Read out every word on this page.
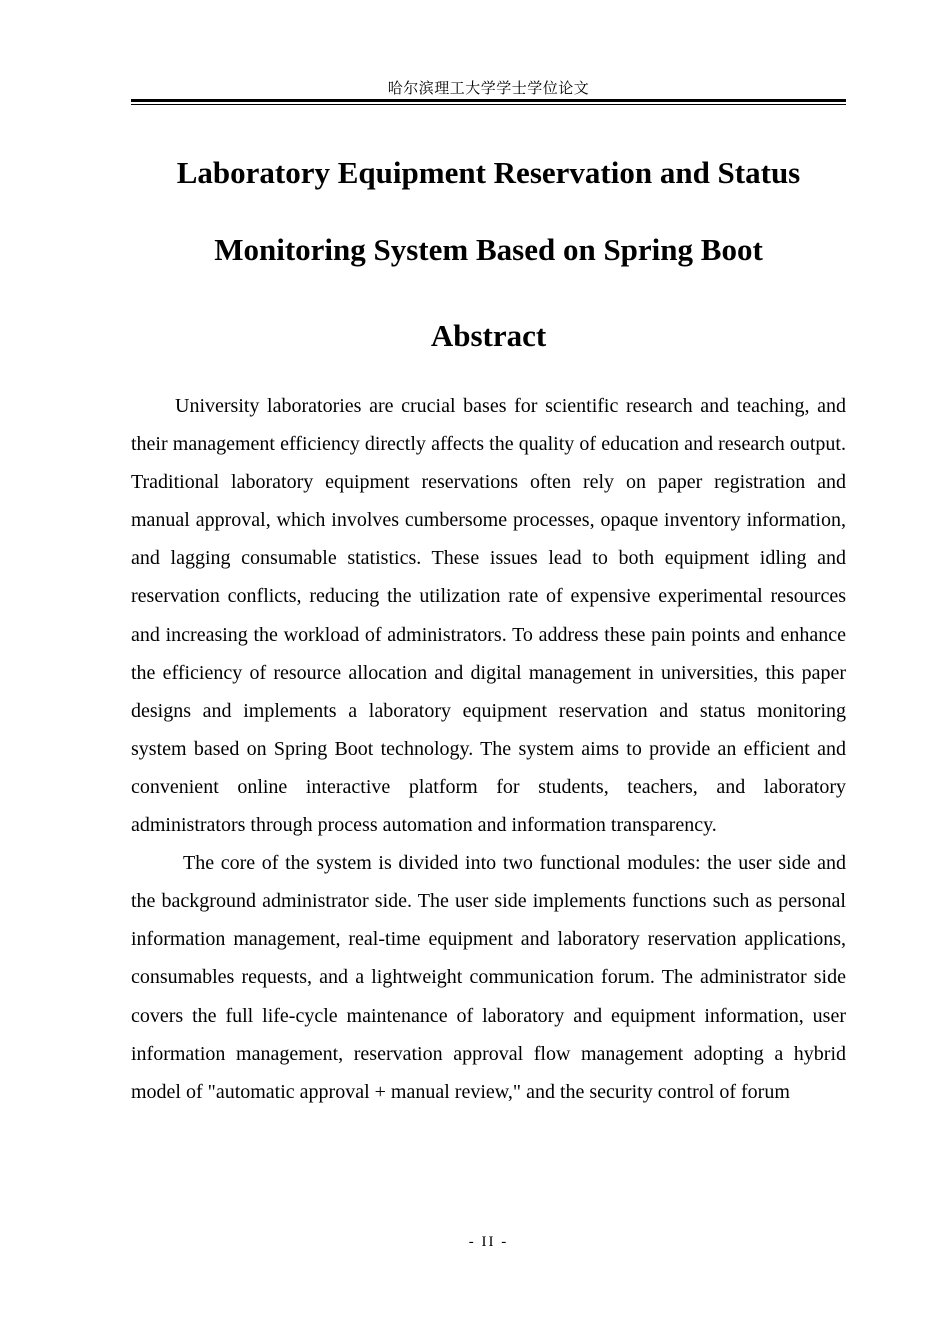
哈尔滨理工大学学士学位论文
Laboratory Equipment Reservation and Status
Monitoring System Based on Spring Boot
Abstract

University laboratories are crucial bases for scientific research and teaching, and their management efficiency directly affects the quality of education and research output. Traditional laboratory equipment reservations often rely on paper registration and manual approval, which involves cumbersome processes, opaque inventory information, and lagging consumable statistics. These issues lead to both equipment idling and reservation conflicts, reducing the utilization rate of expensive experimental resources and increasing the workload of administrators. To address these pain points and enhance the efficiency of resource allocation and digital management in universities, this paper designs and implements a laboratory equipment reservation and status monitoring system based on Spring Boot technology. The system aims to provide an efficient and convenient online interactive platform for students, teachers, and laboratory administrators through process automation and information transparency.

The core of the system is divided into two functional modules: the user side and the background administrator side. The user side implements functions such as personal information management, real-time equipment and laboratory reservation applications, consumables requests, and a lightweight communication forum. The administrator side covers the full life-cycle maintenance of laboratory and equipment information, user information management, reservation approval flow management adopting a hybrid model of "automatic approval + manual review," and the security control of forum

- II -
